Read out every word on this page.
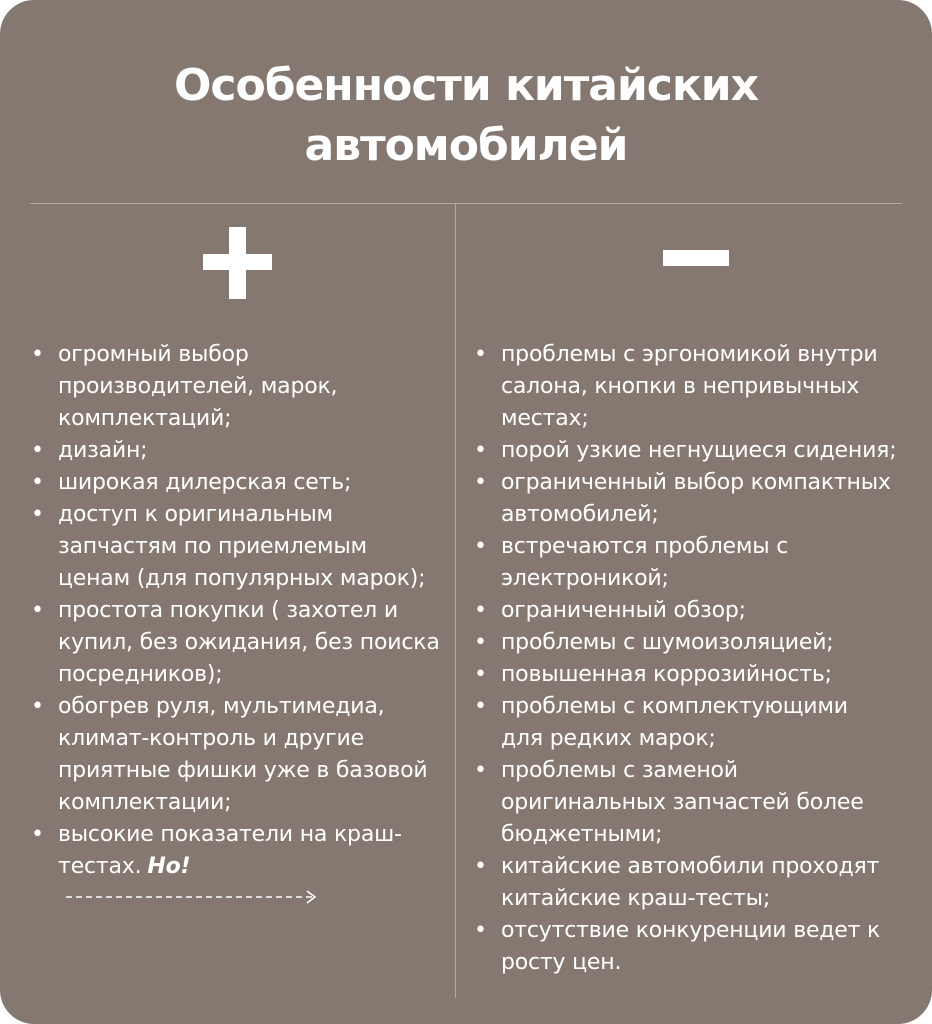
Особенности китайских
автомобилей
• огромный выбор
производителей, марок,
комплектаций;
• дизайн;
• широкая дилерская сеть;
• доступ к оригинальным
запчастям по приемлемым
ценам (для популярных марок);
• простота покупки ( захотел и
купил, без ожидания, без поиска
посредников);
• обогрев руля, мультимедиа,
климат-контроль и другие
приятные фишки уже в базовой
комплектации;
• высокие показатели на краш-
тестах. Но!
• проблемы с эргономикой внутри
салона, кнопки в непривычных
местах;
• порой узкие негнущиеся сидения;
• ограниченный выбор компактных
автомобилей;
• встречаются проблемы с
электроникой;
• ограниченный обзор;
• проблемы с шумоизоляцией;
• повышенная коррозийность;
• проблемы с комплектующими
для редких марок;
• проблемы с заменой
оригинальных запчастей более
бюджетными;
• китайские автомобили проходят
китайские краш-тесты;
• отсутствие конкуренции ведет к
росту цен.
